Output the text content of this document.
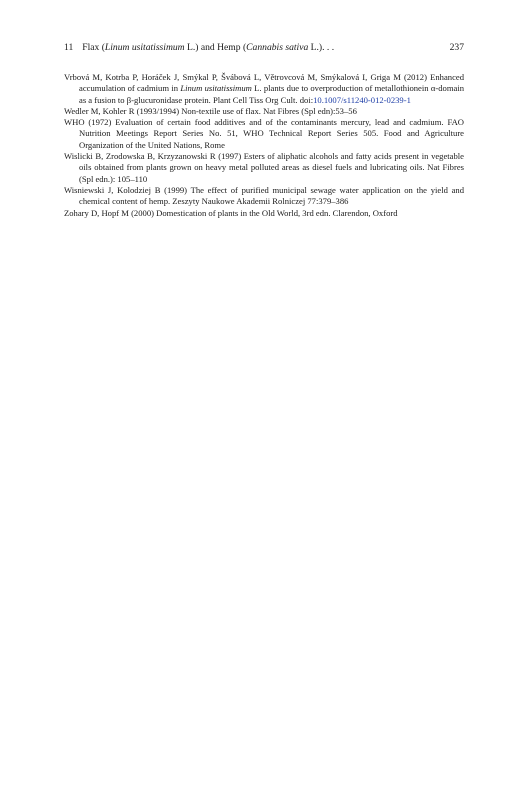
11 Flax (Linum usitatissimum L.) and Hemp (Cannabis sativa L.). . .	237

Vrbová M, Kotrba P, Horáček J, Smýkal P, Švábová L, Větrovcová M, Smýkalová I, Griga M (2012) Enhanced accumulation of cadmium in Linum usitatissimum L. plants due to overproduction of metallothionein α-domain as a fusion to β-glucuronidase protein. Plant Cell Tiss Org Cult. doi:10.1007/s11240-012-0239-1

Wedler M, Kohler R (1993/1994) Non-textile use of flax. Nat Fibres (Spl edn):53–56

WHO (1972) Evaluation of certain food additives and of the contaminants mercury, lead and cadmium. FAO Nutrition Meetings Report Series No. 51, WHO Technical Report Series 505. Food and Agriculture Organization of the United Nations, Rome

Wislicki B, Zrodowska B, Krzyzanowski R (1997) Esters of aliphatic alcohols and fatty acids present in vegetable oils obtained from plants grown on heavy metal polluted areas as diesel fuels and lubricating oils. Nat Fibres (Spl edn.): 105–110

Wisniewski J, Kolodziej B (1999) The effect of purified municipal sewage water application on the yield and chemical content of hemp. Zeszyty Naukowe Akademii Rolniczej 77:379–386

Zohary D, Hopf M (2000) Domestication of plants in the Old World, 3rd edn. Clarendon, Oxford
